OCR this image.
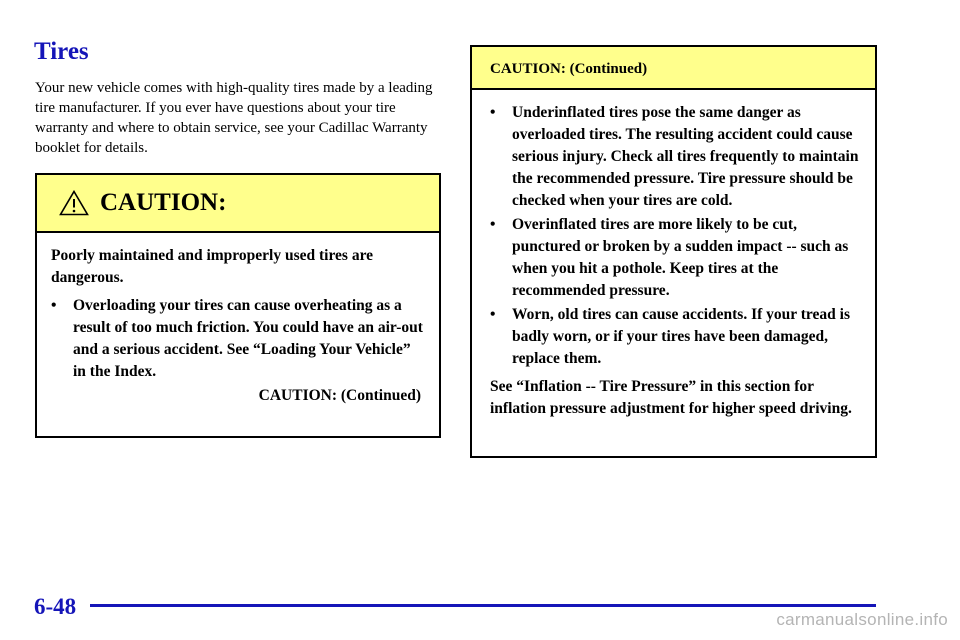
Tires

Your new vehicle comes with high-quality tires made by a leading tire manufacturer. If you ever have questions about your tire warranty and where to obtain service, see your Cadillac Warranty booklet for details.

CAUTION:

Poorly maintained and improperly used tires are dangerous.

• Overloading your tires can cause overheating as a result of too much friction. You could have an air-out and a serious accident. See “Loading Your Vehicle” in the Index.

CAUTION: (Continued)

CAUTION: (Continued)
• Underinflated tires pose the same danger as overloaded tires. The resulting accident could cause serious injury. Check all tires frequently to maintain the recommended pressure. Tire pressure should be checked when your tires are cold.
• Overinflated tires are more likely to be cut, punctured or broken by a sudden impact -- such as when you hit a pothole. Keep tires at the recommended pressure.
• Worn, old tires can cause accidents. If your tread is badly worn, or if your tires have been damaged, replace them.

See “Inflation -- Tire Pressure” in this section for inflation pressure adjustment for higher speed driving.

6-48
carmanualsonline.info
